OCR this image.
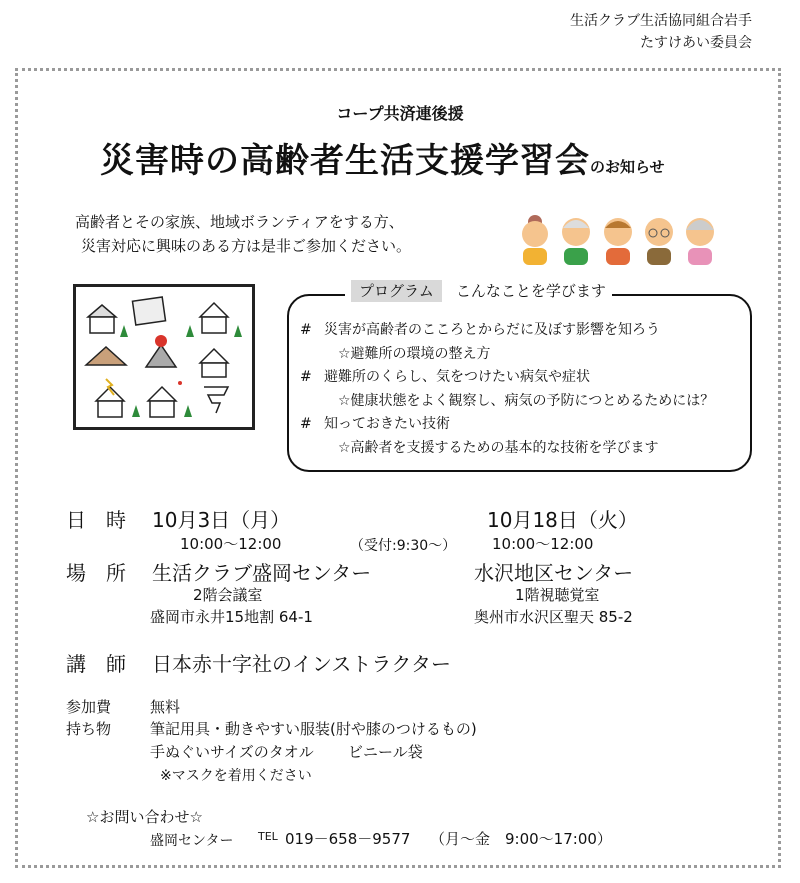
生活クラブ生活協同組合岩手
たすけあい委員会
コープ共済連後援
災害時の高齢者生活支援学習会のお知らせ
高齢者とその家族、地域ボランティアをする方、
災害対応に興味のある方は是非ご参加ください。
プログラム こんなことを学びます
# 災害が高齢者のこころとからだに及ぼす影響を知ろう
☆避難所の環境の整え方
# 避難所のくらし、気をつけたい病気や症状
☆健康状態をよく観察し、病気の予防につとめるためには？
# 知っておきたい技術
☆高齢者を支援するための基本的な技術を学びます
日　時 10月3日（月）	10月18日（火）
10:00～12:00	（受付:9:30～） 10:00～12:00
場　所 生活クラブ盛岡センター	水沢地区センター
2階会議室	1階視聴覚室
盛岡市永井15地割 64-1	奥州市水沢区聖天 85-2
講　師 日本赤十字社のインストラクター
参加費	無料
持ち物	筆記用具・動きやすい服装(肘や膝のつけるもの)
手ぬぐいサイズのタオル ビニール袋
※マスクを着用ください
☆お問い合わせ☆
盛岡センター TEL 019－658－9577 （月～金　9:00～17:00）
